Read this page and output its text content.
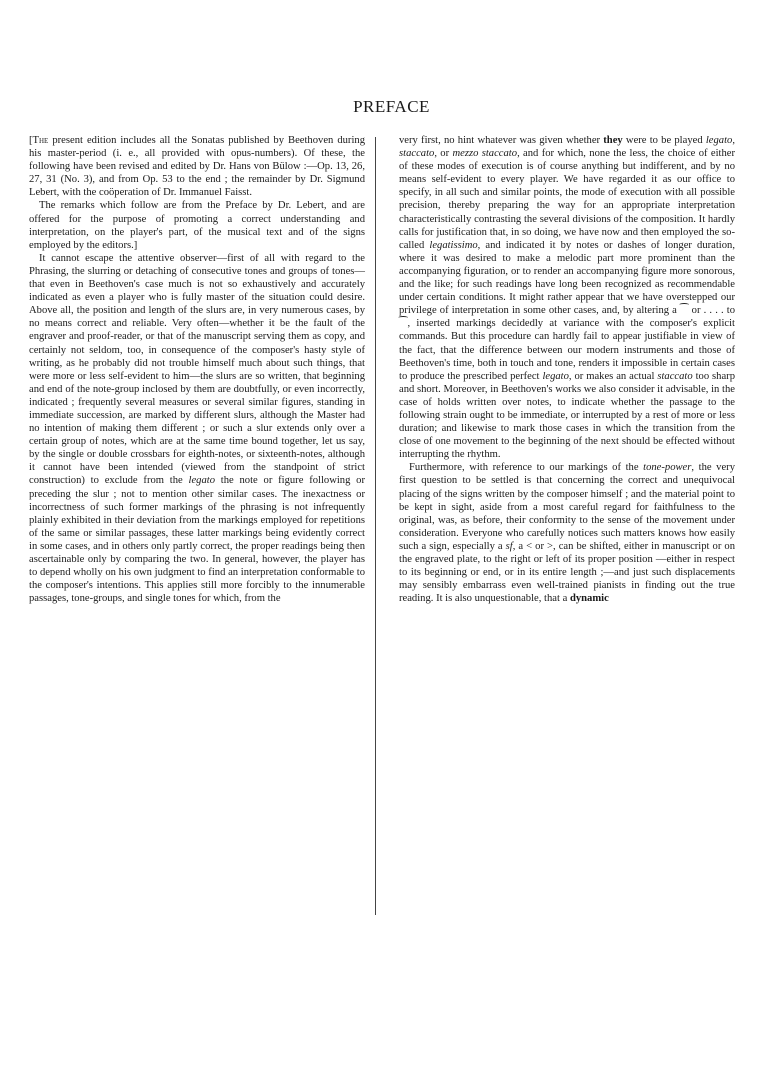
PREFACE

[The present edition includes all the Sonatas published by Beethoven during his master-period (i. e., all provided with opus-numbers). Of these, the following have been revised and edited by Dr. Hans von Bülow :—Op. 13, 26, 27, 31 (No. 3), and from Op. 53 to the end ; the remainder by Dr. Sigmund Lebert, with the coöperation of Dr. Immanuel Faisst.

The remarks which follow are from the Preface by Dr. Lebert, and are offered for the purpose of promoting a correct understanding and interpretation, on the player's part, of the musical text and of the signs employed by the editors.]

It cannot escape the attentive observer—first of all with regard to the Phrasing, the slurring or detaching of consecutive tones and groups of tones—that even in Beethoven's case much is not so exhaustively and accurately indicated as even a player who is fully master of the situation could desire. Above all, the position and length of the slurs are, in very numerous cases, by no means correct and reliable. Very often—whether it be the fault of the engraver and proof-reader, or that of the manuscript serving them as copy, and certainly not seldom, too, in consequence of the composer's hasty style of writing, as he probably did not trouble himself much about such things, that were more or less self-evident to him—the slurs are so written, that beginning and end of the note-group inclosed by them are doubtfully, or even incorrectly, indicated ; frequently several measures or several similar figures, standing in immediate succession, are marked by different slurs, although the Master had no intention of making them different ; or such a slur extends only over a certain group of notes, which are at the same time bound together, let us say, by the single or double crossbars for eighth-notes, or sixteenth-notes, although it cannot have been intended (viewed from the standpoint of strict construction) to exclude from the legato the note or figure following or preceding the slur ; not to mention other similar cases. The inexactness or incorrectness of such former markings of the phrasing is not infrequently plainly exhibited in their deviation from the markings employed for repetitions of the same or similar passages, these latter markings being evidently correct in some cases, and in others only partly correct, the proper readings being then ascertainable only by comparing the two. In general, however, the player has to depend wholly on his own judgment to find an interpretation conformable to the composer's intentions. This applies still more forcibly to the innumerable passages, tone-groups, and single tones for which, from the

very first, no hint whatever was given whether they were to be played legato, staccato, or mezzo staccato, and for which, none the less, the choice of either of these modes of execution is of course anything but indifferent, and by no means self-evident to every player. We have regarded it as our office to specify, in all such and similar points, the mode of execution with all possible precision, thereby preparing the way for an appropriate interpretation characteristically contrasting the several divisions of the composition. It hardly calls for justification that, in so doing, we have now and then employed the so-called legatissimo, and indicated it by notes or dashes of longer duration, where it was desired to make a melodic part more prominent than the accompanying figuration, or to render an accompanying figure more sonorous, and the like; for such readings have long been recognized as recommendable under certain conditions. It might rather appear that we have overstepped our privilege of interpretation in some other cases, and, by altering a ⁀ or . . . . to ⁀, inserted markings decidedly at variance with the composer's explicit commands. But this procedure can hardly fail to appear justifiable in view of the fact, that the difference between our modern instruments and those of Beethoven's time, both in touch and tone, renders it impossible in certain cases to produce the prescribed perfect legato, or makes an actual staccato too sharp and short. Moreover, in Beethoven's works we also consider it advisable, in the case of holds written over notes, to indicate whether the passage to the following strain ought to be immediate, or interrupted by a rest of more or less duration; and likewise to mark those cases in which the transition from the close of one movement to the beginning of the next should be effected without interrupting the rhythm.

Furthermore, with reference to our markings of the tone-power, the very first question to be settled is that concerning the correct and unequivocal placing of the signs written by the composer himself ; and the material point to be kept in sight, aside from a most careful regard for faithfulness to the original, was, as before, their conformity to the sense of the movement under consideration. Everyone who carefully notices such matters knows how easily such a sign, especially a sf, a < or >, can be shifted, either in manuscript or on the engraved plate, to the right or left of its proper position —either in respect to its beginning or end, or in its entire length ;—and just such displacements may sensibly embarrass even well-trained pianists in finding out the true reading. It is also unquestionable, that a dynamic
